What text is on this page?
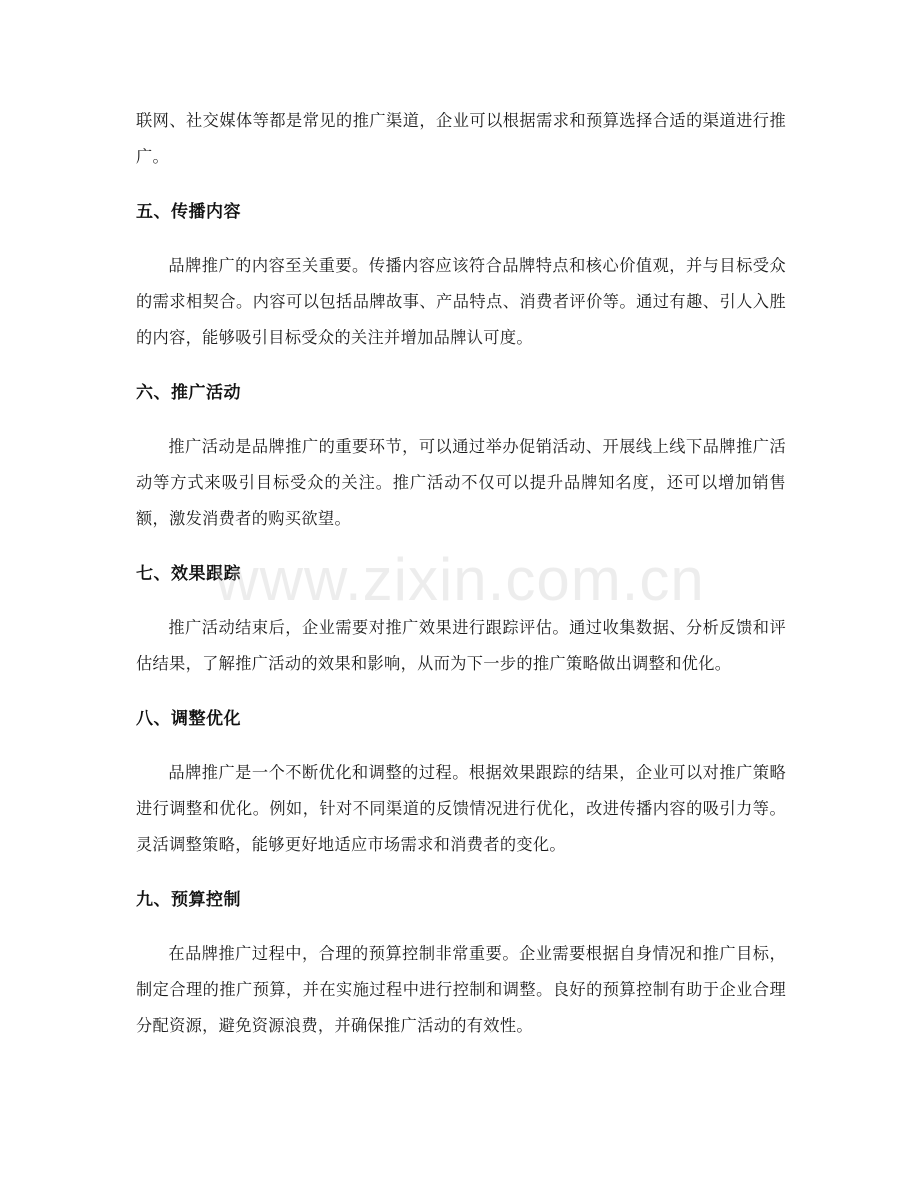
联网、社交媒体等都是常见的推广渠道，企业可以根据需求和预算选择合适的渠道进行推广。

五、传播内容

品牌推广的内容至关重要。传播内容应该符合品牌特点和核心价值观，并与目标受众的需求相契合。内容可以包括品牌故事、产品特点、消费者评价等。通过有趣、引人入胜的内容，能够吸引目标受众的关注并增加品牌认可度。

六、推广活动

推广活动是品牌推广的重要环节，可以通过举办促销活动、开展线上线下品牌推广活动等方式来吸引目标受众的关注。推广活动不仅可以提升品牌知名度，还可以增加销售额，激发消费者的购买欲望。

七、效果跟踪

推广活动结束后，企业需要对推广效果进行跟踪评估。通过收集数据、分析反馈和评估结果，了解推广活动的效果和影响，从而为下一步的推广策略做出调整和优化。

八、调整优化

品牌推广是一个不断优化和调整的过程。根据效果跟踪的结果，企业可以对推广策略进行调整和优化。例如，针对不同渠道的反馈情况进行优化，改进传播内容的吸引力等。灵活调整策略，能够更好地适应市场需求和消费者的变化。

九、预算控制

在品牌推广过程中，合理的预算控制非常重要。企业需要根据自身情况和推广目标，制定合理的推广预算，并在实施过程中进行控制和调整。良好的预算控制有助于企业合理分配资源，避免资源浪费，并确保推广活动的有效性。

www.zixin.com.cn
